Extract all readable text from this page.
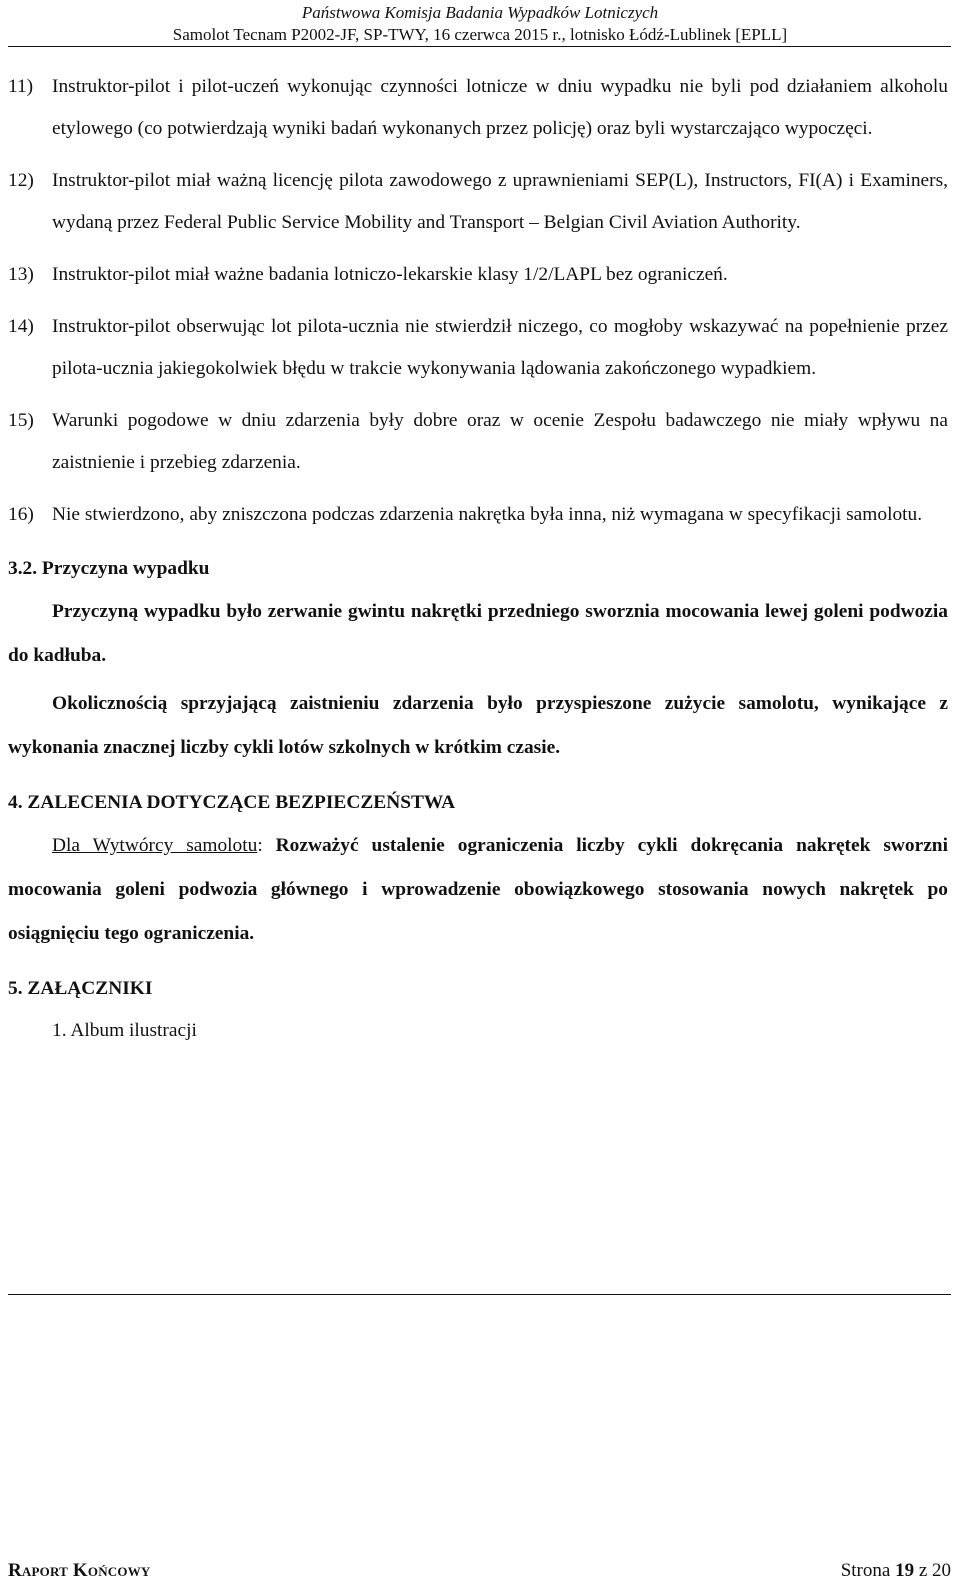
Państwowa Komisja Badania Wypadków Lotniczych
Samolot Tecnam P2002-JF, SP-TWY, 16 czerwca 2015 r., lotnisko Łódź-Lublinek [EPLL]
11) Instruktor-pilot i pilot-uczeń wykonując czynności lotnicze w dniu wypadku nie byli pod działaniem alkoholu etylowego (co potwierdzają wyniki badań wykonanych przez policję) oraz byli wystarczająco wypoczęci.
12) Instruktor-pilot miał ważną licencję pilota zawodowego z uprawnieniami SEP(L), Instructors, FI(A) i Examiners, wydaną przez Federal Public Service Mobility and Transport – Belgian Civil Aviation Authority.
13) Instruktor-pilot miał ważne badania lotniczo-lekarskie klasy 1/2/LAPL bez ograniczeń.
14) Instruktor-pilot obserwując lot pilota-ucznia nie stwierdził niczego, co mogłoby wskazywać na popełnienie przez pilota-ucznia jakiegokolwiek błędu w trakcie wykonywania lądowania zakończonego wypadkiem.
15) Warunki pogodowe w dniu zdarzenia były dobre oraz w ocenie Zespołu badawczego nie miały wpływu na zaistnienie i przebieg zdarzenia.
16) Nie stwierdzono, aby zniszczona podczas zdarzenia nakrętka była inna, niż wymagana w specyfikacji samolotu.
3.2. Przyczyna wypadku

Przyczyną wypadku było zerwanie gwintu nakrętki przedniego sworznia mocowania lewej goleni podwozia do kadłuba.

Okolicznością sprzyjającą zaistnieniu zdarzenia było przyspieszone zużycie samolotu, wynikające z wykonania znacznej liczby cykli lotów szkolnych w krótkim czasie.

4. ZALECENIA DOTYCZĄCE BEZPIECZEŃSTWA

Dla Wytwórcy samolotu: Rozważyć ustalenie ograniczenia liczby cykli dokręcania nakrętek sworzni mocowania goleni podwozia głównego i wprowadzenie obowiązkowego stosowania nowych nakrętek po osiągnięciu tego ograniczenia.

5. ZAŁĄCZNIKI

1. Album ilustracji

Raport Końcowy	Strona 19 z 20
